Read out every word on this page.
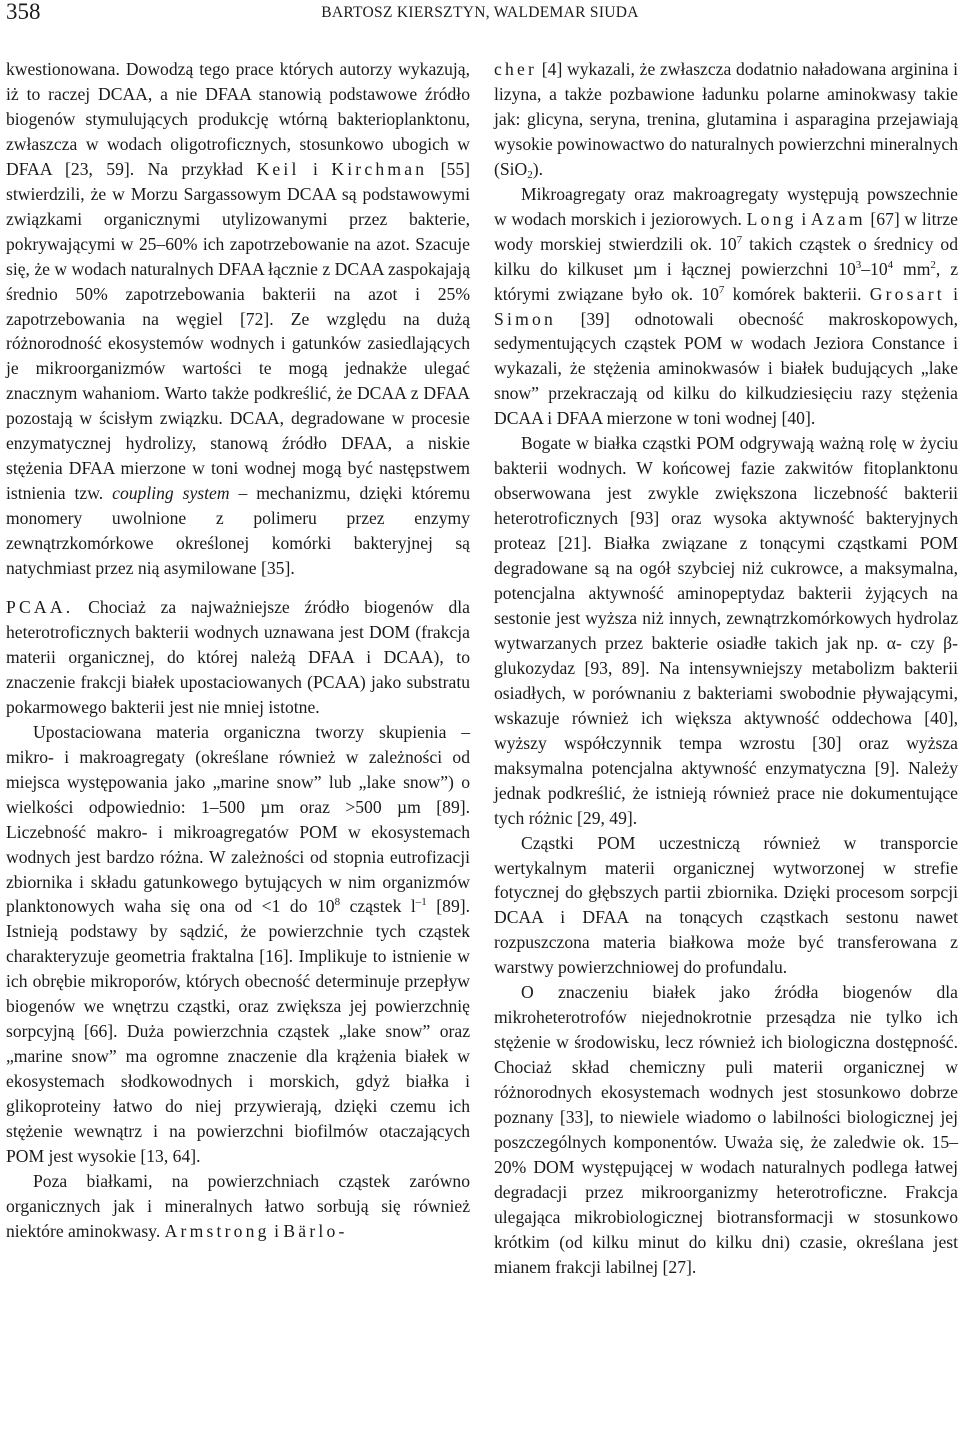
358	BARTOSZ KIERSZTYN, WALDEMAR SIUDA

kwestionowana. Dowodzą tego prace których autorzy wykazują, iż to raczej DCAA, a nie DFAA stanowią podstawowe źródło biogenów stymulujących produkcję wtórną bakterioplanktonu, zwłaszcza w wodach oligotroficznych, stosunkowo ubogich w DFAA [23, 59]. Na przykład Keil i Kirchman [55] stwierdzili, że w Morzu Sargassowym DCAA są podstawowymi związkami organicznymi utylizowanymi przez bakterie, pokrywającymi w 25–60% ich zapotrzebowanie na azot. Szacuje się, że w wodach naturalnych DFAA łącznie z DCAA zaspokajają średnio 50% zapotrzebowania bakterii na azot i 25% zapotrzebowania na węgiel [72]. Ze względu na dużą różnorodność ekosystemów wodnych i gatunków zasiedlających je mikroorganizmów wartości te mogą jednakże ulegać znacznym wahaniom. Warto także podkreślić, że DCAA z DFAA pozostają w ścisłym związku. DCAA, degradowane w procesie enzymatycznej hydrolizy, stanową źródło DFAA, a niskie stężenia DFAA mierzone w toni wodnej mogą być następstwem istnienia tzw. coupling system – mechanizmu, dzięki któremu monomery uwolnione z polimeru przez enzymy zewnątrzkomórkowe określonej komórki bakteryjnej są natychmiast przez nią asymilowane [35].

PCAA. Chociaż za najważniejsze źródło biogenów dla heterotroficznych bakterii wodnych uznawana jest DOM (frakcja materii organicznej, do której należą DFAA i DCAA), to znaczenie frakcji białek upostaciowanych (PCAA) jako substratu pokarmowego bakterii jest nie mniej istotne.

Upostaciowana materia organiczna tworzy skupienia – mikro- i makroagregaty (określane również w zależności od miejsca występowania jako „marine snow” lub „lake snow”) o wielkości odpowiednio: 1–500 µm oraz >500 µm [89]. Liczebność makro- i mikroagregatów POM w ekosystemach wodnych jest bardzo różna. W zależności od stopnia eutrofizacji zbiornika i składu gatunkowego bytujących w nim organizmów planktonowych waha się ona od <1 do $10^8$ cząstek $l^{-1}$ [89]. Istnieją podstawy by sądzić, że powierzchnie tych cząstek charakteryzuje geometria fraktalna [16]. Implikuje to istnienie w ich obrębie mikroporów, których obecność determinuje przepływ biogenów we wnętrzu cząstki, oraz zwiększa jej powierzchnię sorpcyjną [66]. Duża powierzchnia cząstek „lake snow” oraz „marine snow” ma ogromne znaczenie dla krążenia białek w ekosystemach słodkowodnych i morskich, gdyż białka i glikoproteiny łatwo do niej przywierają, dzięki czemu ich stężenie wewnątrz i na powierzchni biofilmów otaczających POM jest wysokie [13, 64].

Poza białkami, na powierzchniach cząstek zarówno organicznych jak i mineralnych łatwo sorbują się również niektóre aminokwasy. Armstrong i Bärlo-

cher [4] wykazali, że zwłaszcza dodatnio naładowana arginina i lizyna, a także pozbawione ładunku polarne aminokwasy takie jak: glicyna, seryna, trenina, glutamina i asparagina przejawiają wysokie powinowactwo do naturalnych powierzchni mineralnych (SiO$_2$).

Mikroagregaty oraz makroagregaty występują powszechnie w wodach morskich i jeziorowych. Long i Azam [67] w litrze wody morskiej stwierdzili ok. $10^7$ takich cząstek o średnicy od kilku do kilkuset µm i łącznej powierzchni $10^3-10^4$ $mm^2$, z którymi związane było ok. $10^7$ komórek bakterii. Grosart i Simon [39] odnotowali obecność makroskopowych, sedymentujących cząstek POM w wodach Jeziora Constance i wykazali, że stężenia aminokwasów i białek budujących „lake snow” przekraczają od kilku do kilkudziesięciu razy stężenia DCAA i DFAA mierzone w toni wodnej [40].

Bogate w białka cząstki POM odgrywają ważną rolę w życiu bakterii wodnych. W końcowej fazie zakwitów fitoplanktonu obserwowana jest zwykle zwiększona liczebność bakterii heterotroficznych [93] oraz wysoka aktywność bakteryjnych proteaz [21]. Białka związane z tonącymi cząstkami POM degradowane są na ogół szybciej niż cukrowce, a maksymalna, potencjalna aktywność aminopeptydaz bakterii żyjących na sestonie jest wyższa niż innych, zewnątrzkomórkowych hydrolaz wytwarzanych przez bakterie osiadłe takich jak np. α- czy β-glukozydaz [93, 89]. Na intensywniejszy metabolizm bakterii osiadłych, w porównaniu z bakteriami swobodnie pływającymi, wskazuje również ich większa aktywność oddechowa [40], wyższy współczynnik tempa wzrostu [30] oraz wyższa maksymalna potencjalna aktywność enzymatyczna [9]. Należy jednak podkreślić, że istnieją również prace nie dokumentujące tych różnic [29, 49].

Cząstki POM uczestniczą również w transporcie wertykalnym materii organicznej wytworzonej w strefie fotycznej do głębszych partii zbiornika. Dzięki procesom sorpcji DCAA i DFAA na tonących cząstkach sestonu nawet rozpuszczona materia białkowa może być transferowana z warstwy powierzchniowej do profundalu.

O znaczeniu białek jako źródła biogenów dla mikroheterotrofów niejednokrotnie przesądza nie tylko ich stężenie w środowisku, lecz również ich biologiczna dostępność. Chociaż skład chemiczny puli materii organicznej w różnorodnych ekosystemach wodnych jest stosunkowo dobrze poznany [33], to niewiele wiadomo o labilności biologicznej jej poszczególnych komponentów. Uważa się, że zaledwie ok. 15–20% DOM występującej w wodach naturalnych podlega łatwej degradacji przez mikroorganizmy heterotroficzne. Frakcja ulegająca mikrobiologicznej biotransformacji w stosunkowo krótkim (od kilku minut do kilku dni) czasie, określana jest mianem frakcji labilnej [27].
